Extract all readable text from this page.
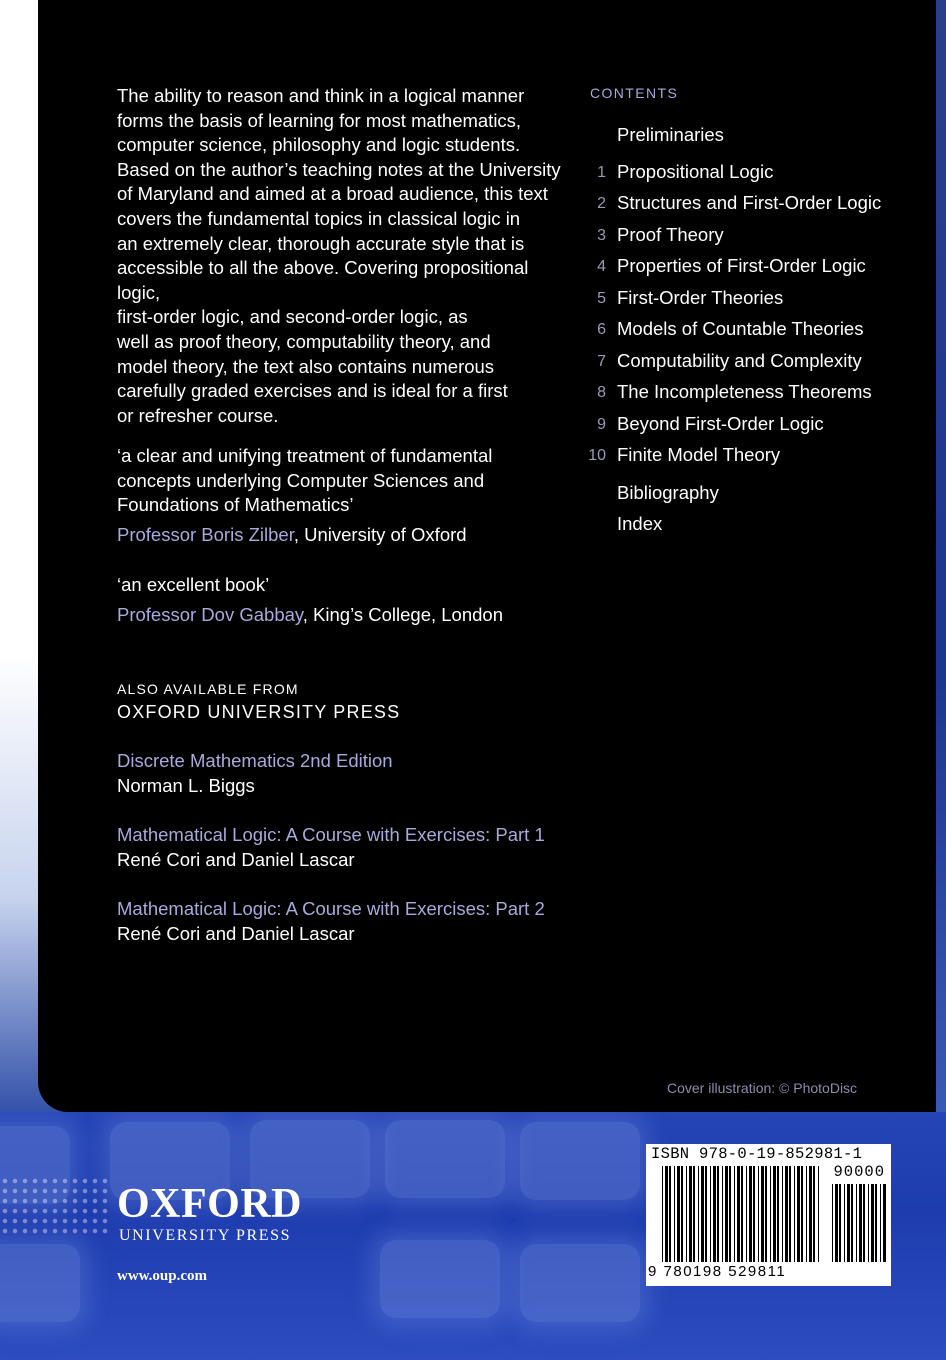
The ability to reason and think in a logical manner

forms the basis of learning for most mathematics,

computer science, philosophy and logic students.

Based on the author’s teaching notes at the University

of Maryland and aimed at a broad audience, this text

covers the fundamental topics in classical logic in

an extremely clear, thorough accurate style that is

accessible to all the above. Covering propositional logic,

first-order logic, and second-order logic, as

well as proof theory, computability theory, and

model theory, the text also contains numerous

carefully graded exercises and is ideal for a first

or refresher course.

‘a clear and unifying treatment of fundamental
concepts underlying Computer Sciences and
Foundations of Mathematics’
Professor Boris Zilber, University of Oxford
‘an excellent book’
Professor Dov Gabbay, King’s College, London
ALSO AVAILABLE FROM
OXFORD UNIVERSITY PRESS
Discrete Mathematics 2nd Edition
Norman L. Biggs
Mathematical Logic: A Course with Exercises: Part 1
René Cori and Daniel Lascar
Mathematical Logic: A Course with Exercises: Part 2
René Cori and Daniel Lascar
CONTENTS
Preliminaries
1 Propositional Logic
2 Structures and First-Order Logic
3 Proof Theory
4 Properties of First-Order Logic
5 First-Order Theories
6 Models of Countable Theories
7 Computability and Complexity
8 The Incompleteness Theorems
9 Beyond First-Order Logic
10 Finite Model Theory
Bibliography
Index
Cover illustration: © PhotoDisc
OXFORD
UNIVERSITY PRESS
www.oup.com
ISBN 978-0-19-852981-1
90000
9 780198 529811
